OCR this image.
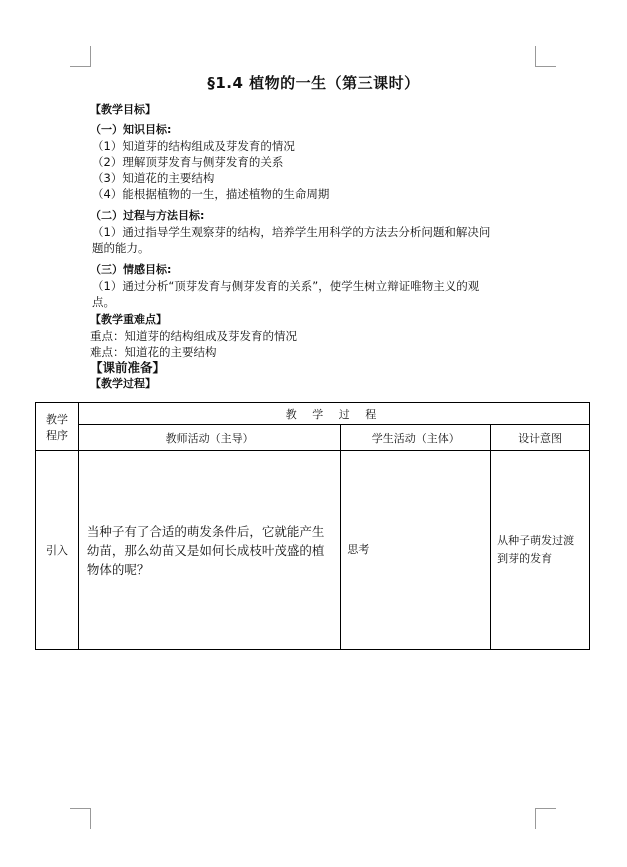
§1.4 植物的一生（第三课时）
【教学目标】
（一）知识目标:
（1）知道芽的结构组成及芽发育的情况
（2）理解顶芽发育与侧芽发育的关系
（3）知道花的主要结构
（4）能根据植物的一生，描述植物的生命周期
（二）过程与方法目标:
（1）通过指导学生观察芽的结构，培养学生用科学的方法去分析问题和解决问
题的能力。
（三）情感目标:
（1）通过分析“顶芽发育与侧芽发育的关系”，使学生树立辩证唯物主义的观
点。
【教学重难点】
重点：知道芽的结构组成及芽发育的情况
难点：知道花的主要结构
【课前准备】
【教学过程】
教学
程序	教 学 过 程		
	教师活动（主导）	学生活动（主体）	设计意图
引入	当种子有了合适的萌发条件后，它就能产生幼苗，那么幼苗又是如何长成枝叶茂盛的植物体的呢？	思考	从种子萌发过渡到芽的发育
